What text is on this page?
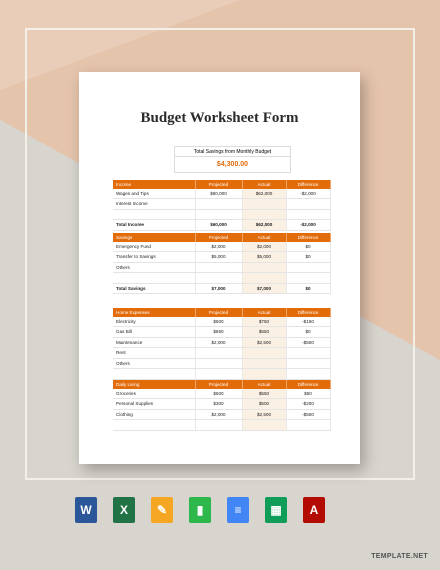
Budget Worksheet Form
Total Savings from Monthly Budget
$4,300.00
Income	Projected	Actual	Difference
Wages and Tips	$60,000	$62,000	-$2,000
Interest Income			

Total Income	$60,000	$62,000	-$2,000
Savings	Projected	Actual	Difference
Emergency Fund	$2,000	$2,000	$0
Transfer to Savings	$5,000	$5,000	$0
Others			

Total Savings	$7,000	$7,000	$0
Home Expenses	Projected	Actual	Difference
Electricity	$600	$750	-$150
Gas Bill	$650	$650	$0
Maintenance	$2,000	$2,500	-$500
Rent			
Others			

Daily Living	Projected	Actual	Difference
Groceries	$600	$550	$50
Personal Supplies	$300	$500	-$200
Clothing	$2,000	$2,500	-$500

W X ✎ ▮	≡ ▦ A
TEMPLATE.NET
